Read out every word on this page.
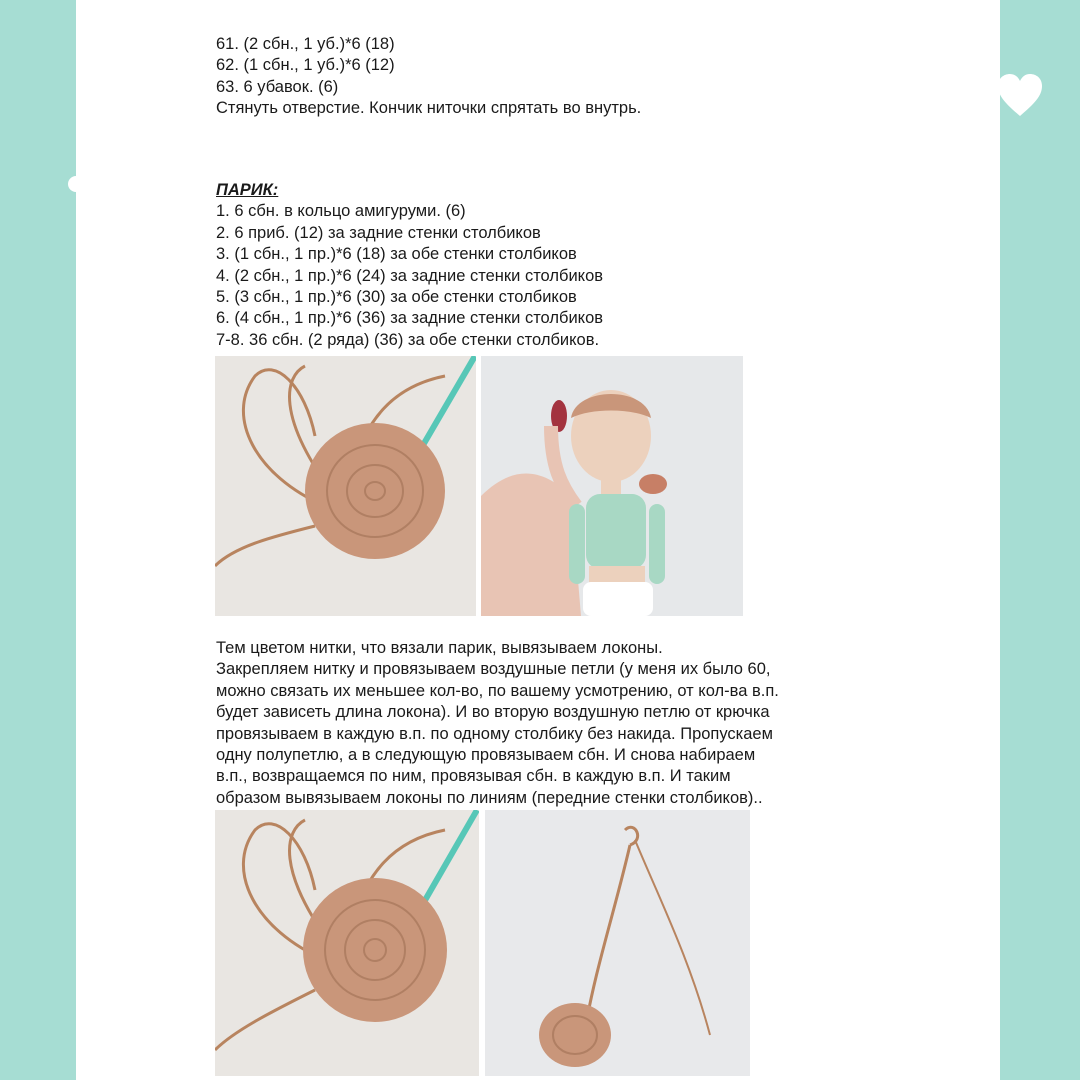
61. (2 сбн., 1 уб.)*6 (18)
62. (1 сбн., 1 уб.)*6 (12)
63. 6 убавок. (6)
Стянуть отверстие. Кончик ниточки спрятать во внутрь.
ПАРИК:
1. 6 сбн. в кольцо амигуруми. (6)
2. 6 приб. (12) за задние стенки столбиков
3. (1 сбн., 1 пр.)*6 (18) за обе стенки столбиков
4. (2 сбн., 1 пр.)*6 (24) за задние стенки столбиков
5. (3 сбн., 1 пр.)*6 (30) за обе стенки столбиков
6. (4 сбн., 1 пр.)*6 (36) за задние стенки столбиков
7-8. 36 сбн. (2 ряда) (36) за обе стенки столбиков.
Тем цветом нитки, что вязали парик, вывязываем локоны.
Закрепляем нитку и провязываем воздушные петли (у меня их было 60,
можно связать их меньшее кол-во, по вашему усмотрению, от кол-ва в.п.
будет зависеть длина локона). И во вторую воздушную петлю от крючка
провязываем в каждую в.п. по одному столбику без накида. Пропускаем
одну полупетлю, а в следующую провязываем сбн. И снова набираем
в.п., возвращаемся по ним, провязывая сбн. в каждую в.п. И таким
образом вывязываем локоны по линиям (передние стенки столбиков)..
